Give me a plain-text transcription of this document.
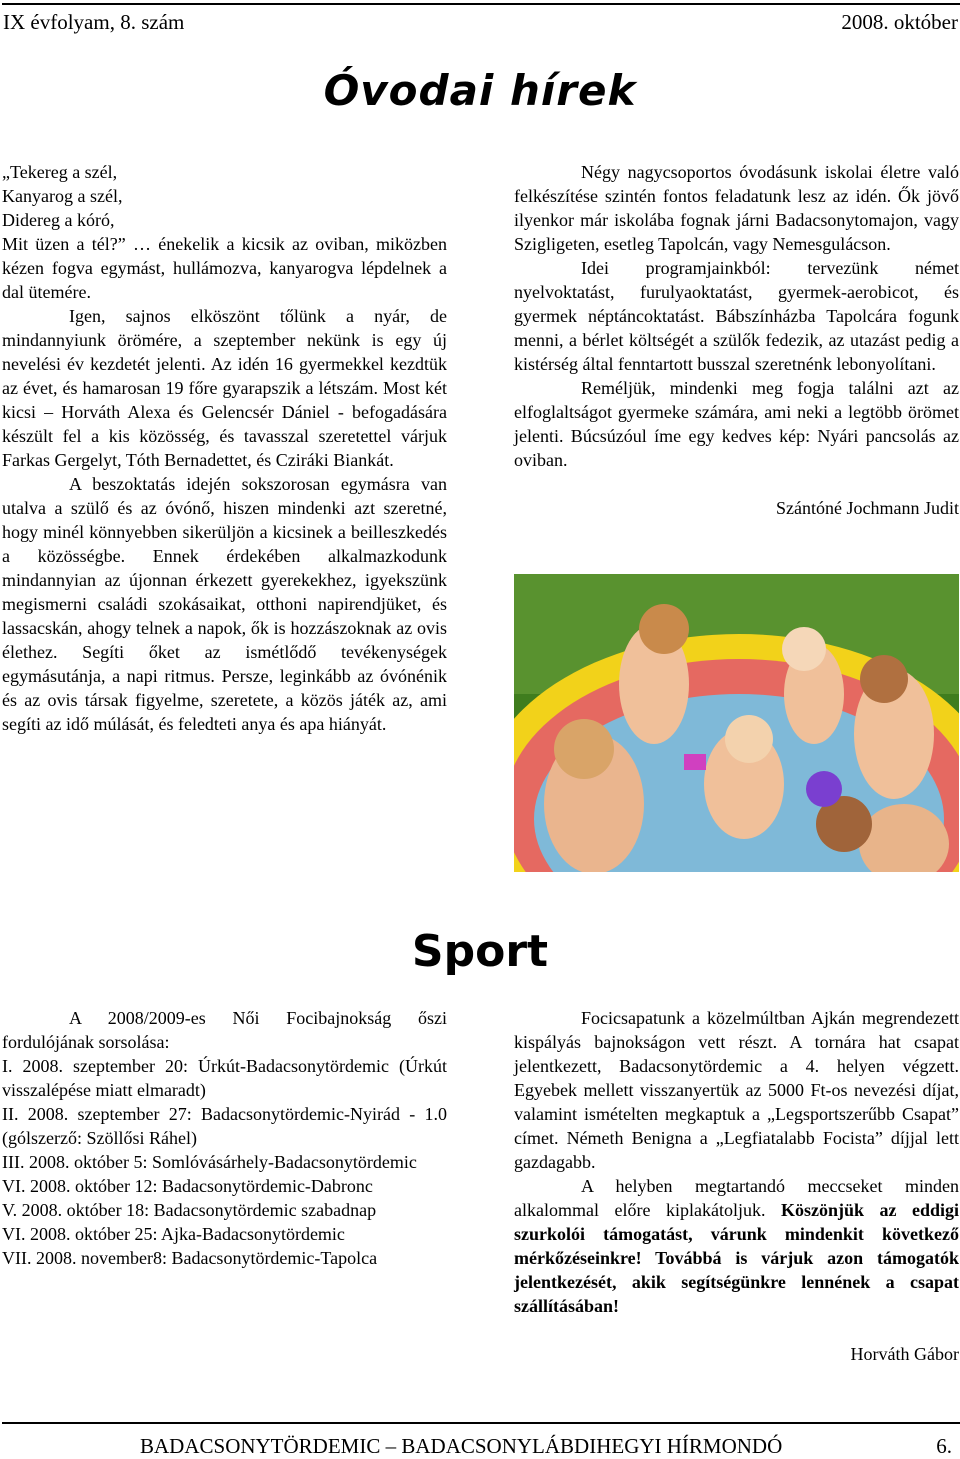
IX évfolyam, 8. szám	2008. október
Óvodai hírek

„Tekereg a szél,

Kanyarog a szél,

Didereg a kóró,

Mit üzen a tél?” … énekelik a kicsik az oviban, miközben kézen fogva egymást, hullámozva, kanyarogva lépdelnek a dal ütemére.

Igen, sajnos elköszönt tőlünk a nyár, de mindannyiunk örömére, a szeptember nekünk is egy új nevelési év kezdetét jelenti. Az idén 16 gyermekkel kezdtük az évet, és hamarosan 19 főre gyarapszik a létszám. Most két kicsi – Horváth Alexa és Gelencsér Dániel - befogadására készült fel a kis közösség, és tavasszal szeretettel várjuk Farkas Gergelyt, Tóth Bernadettet, és Cziráki Biankát.

A beszoktatás idején sokszorosan egymásra van utalva a szülő és az óvónő, hiszen mindenki azt szeretné, hogy minél könnyebben sikerüljön a kicsinek a beilleszkedés a közösségbe. Ennek érdekében alkalmazkodunk mindannyian az újonnan érkezett gyerekekhez, igyekszünk megismerni családi szokásaikat, otthoni napirendjüket, és lassacskán, ahogy telnek a napok, ők is hozzászoknak az ovis élethez. Segíti őket az ismétlődő tevékenységek egymásutánja, a napi ritmus. Persze, leginkább az óvónénik és az ovis társak figyelme, szeretete, a közös játék az, ami segíti az idő múlását, és feledteti anya és apa hiányát.

Négy nagycsoportos óvodásunk iskolai életre való felkészítése szintén fontos feladatunk lesz az idén. Ők jövő ilyenkor már iskolába fognak járni Badacsonytomajon, vagy Szigligeten, esetleg Tapolcán, vagy Nemesgulácson.

Idei programjainkból: tervezünk német nyelvoktatást, furulyaoktatást, gyermek-aerobicot, és gyermek néptáncoktatást. Bábszínházba Tapolcára fogunk menni, a bérlet költségét a szülők fedezik, az utazást pedig a kistérség által fenntartott busszal szeretnénk lebonyolítani.

Reméljük, mindenki meg fogja találni azt az elfoglaltságot gyermeke számára, ami neki a legtöbb örömet jelenti. Búcsúzóul íme egy kedves kép: Nyári pancsolás az oviban.

Szántóné Jochmann Judit

Sport

A 2008/2009-es Női Focibajnokság őszi fordulójának sorsolása:

I. 2008. szeptember 20: Úrkút-Badacsonytördemic (Úrkút visszalépése miatt elmaradt)

II. 2008. szeptember 27: Badacsonytördemic-Nyirád - 1.0 (gólszerző: Szöllősi Ráhel)

III. 2008. október 5: Somlóvásárhely-Badacsonytördemic

VI. 2008. október 12: Badacsonytördemic-Dabronc

V. 2008. október 18: Badacsonytördemic szabadnap

VI. 2008. október 25: Ajka-Badacsonytördemic

VII. 2008. november8: Badacsonytördemic-Tapolca

Focicsapatunk a közelmúltban Ajkán megrendezett kispályás bajnokságon vett részt. A tornára hat csapat jelentkezett, Badacsonytördemic a 4. helyen végzett. Egyebek mellett visszanyertük az 5000 Ft-os nevezési díjat, valamint ismételten megkaptuk a „Legsportszerűbb Csapat” címet. Németh Benigna a „Legfiatalabb Focista” díjjal lett gazdagabb.

A helyben megtartandó meccseket minden alkalommal előre kiplakátoljuk. Köszönjük az eddigi szurkolói támogatást, várunk mindenkit következő mérkőzéseinkre! Továbbá is várjuk azon támogatók jelentkezését, akik segítségünkre lennének a csapat szállításában!

Horváth Gábor

BADACSONYTÖRDEMIC – BADACSONYLÁBDIHEGYI HÍRMONDÓ	6.
